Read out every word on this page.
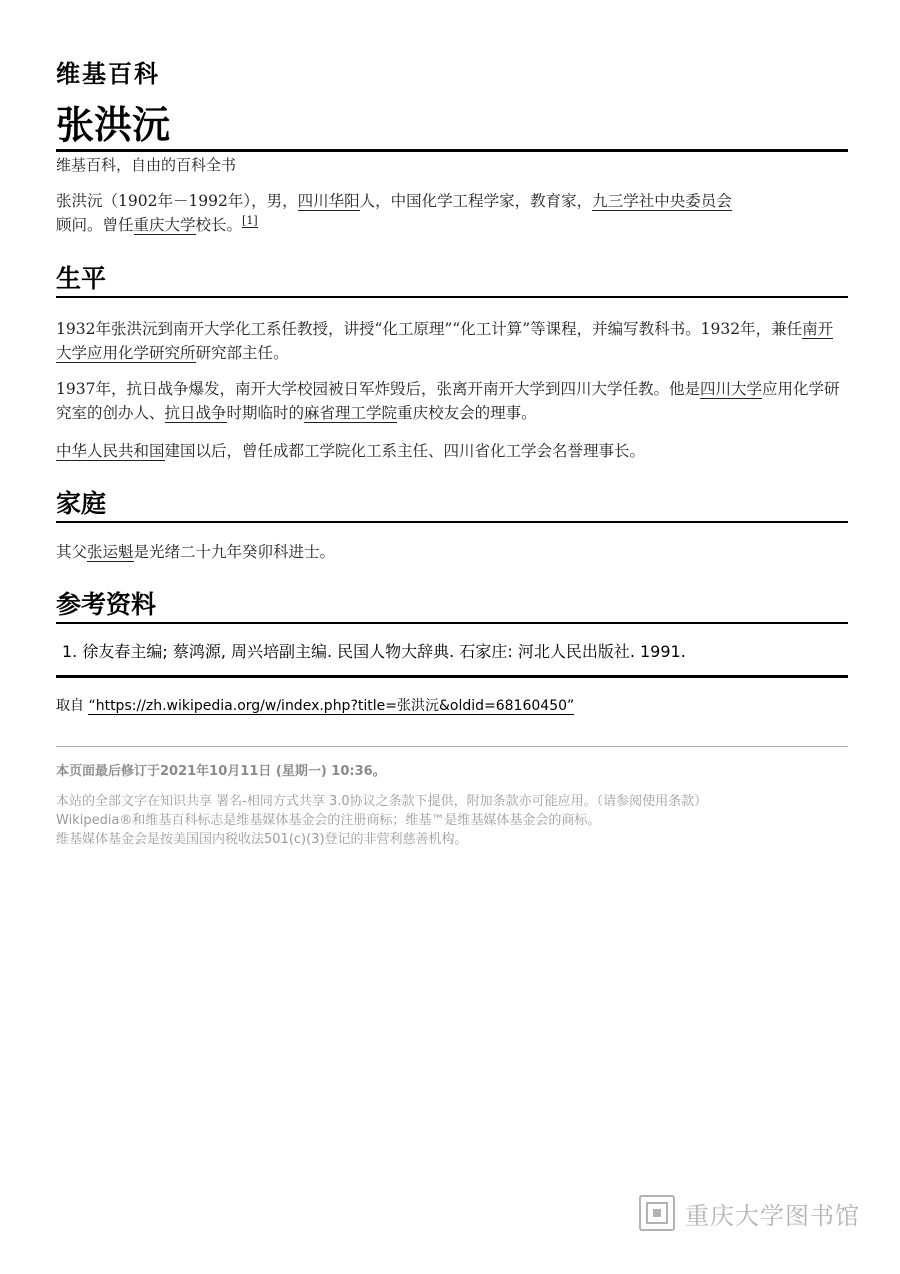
维基百科
张洪沅
维基百科，自由的百科全书
张洪沅（1902年－1992年），男，四川华阳人，中国化学工程学家，教育家，九三学社中央委员会
顾问。曾任重庆大学校长。[1]
生平
1932年张洪沅到南开大学化工系任教授，讲授“化工原理”“化工计算”等课程，并编写教科书。1932年，兼任南开大学应用化学研究所研究部主任。
1937年，抗日战争爆发，南开大学校园被日军炸毁后，张离开南开大学到四川大学任教。他是四川大学应用化学研究室的创办人、抗日战争时期临时的麻省理工学院重庆校友会的理事。
中华人民共和国建国以后，曾任成都工学院化工系主任、四川省化工学会名誉理事长。
家庭
其父张运魁是光绪二十九年癸卯科进士。
参考资料
1. 徐友春主编; 蔡鸿源, 周兴培副主编. 民国人物大辞典. 石家庄: 河北人民出版社. 1991.
取自 “https://zh.wikipedia.org/w/index.php?title=张洪沅&oldid=68160450”
本页面最后修订于2021年10月11日 (星期一) 10:36。
本站的全部文字在知识共享 署名-相同方式共享 3.0协议之条款下提供，附加条款亦可能应用。（请参阅使用条款）
Wikipedia®和维基百科标志是维基媒体基金会的注册商标；维基™是维基媒体基金会的商标。
维基媒体基金会是按美国国内税收法501(c)(3)登记的非营利慈善机构。
重庆大学图书馆
